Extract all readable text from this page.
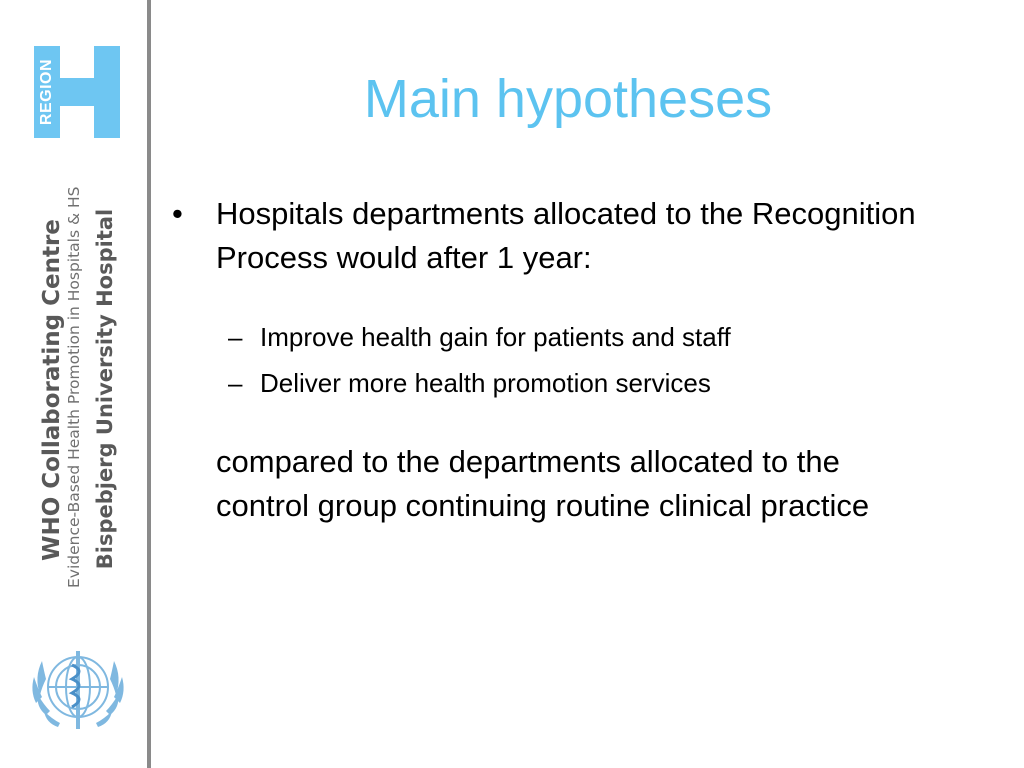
REGION
WHO Collaborating Centre Evidence-Based Health Promotion in Hospitals & HS Bispebjerg University Hospital
Main hypotheses
•	Hospitals departments allocated to the Recognition Process would after 1 year:
– Improve health gain for patients and staff
– Deliver more health promotion services
compared to the departments allocated to the control group continuing routine clinical practice
